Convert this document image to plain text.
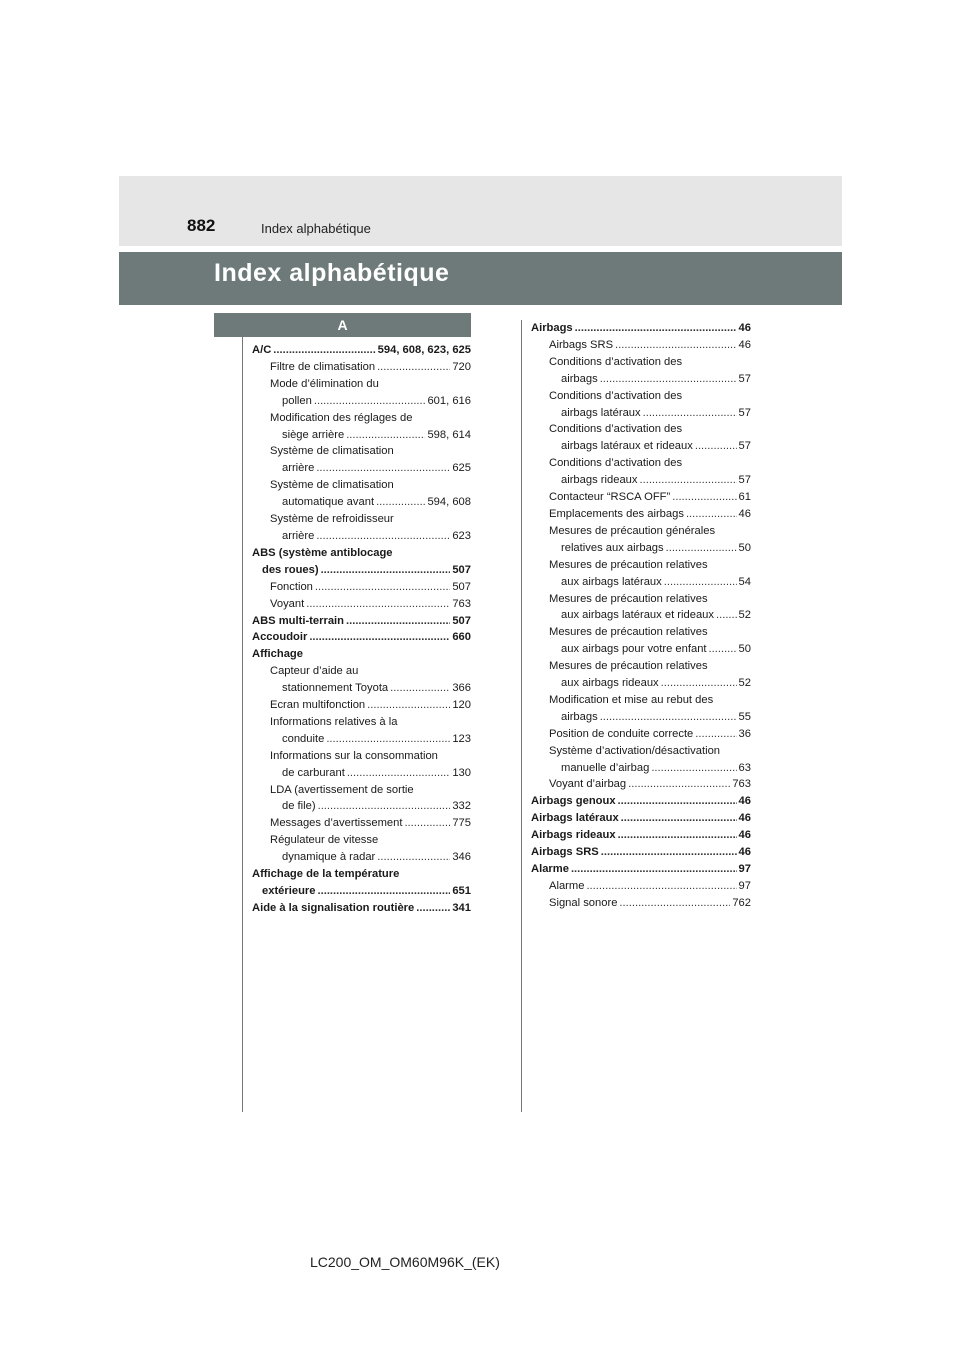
882	Index alphabétique
Index alphabétique
A
A/C .....	594, 608, 623, 625
Filtre de climatisation .....	720
Mode d’élimination du
pollen .....	601, 616
Modification des réglages de
siège arrière .....	598, 614
Système de climatisation
arrière .....	625
Système de climatisation
automatique avant .....	594, 608
Système de refroidisseur
arrière .....	623
ABS (système antiblocage
des roues) .....	507
Fonction .....	507
Voyant .....	763
ABS multi-terrain .....	507
Accoudoir .....	660
Affichage
Capteur d’aide au
stationnement Toyota .....	366
Ecran multifonction .....	120
Informations relatives à la
conduite .....	123
Informations sur la consommation
de carburant .....	130
LDA (avertissement de sortie
de file) .....	332
Messages d’avertissement .....	775
Régulateur de vitesse
dynamique à radar .....	346
Affichage de la température
extérieure .....	651
Aide à la signalisation routière .....	341
Airbags .....	46
Airbags SRS .....	46
Conditions d’activation des
airbags .....	57
Conditions d’activation des
airbags latéraux .....	57
Conditions d’activation des
airbags latéraux et rideaux .....	57
Conditions d’activation des
airbags rideaux .....	57
Contacteur “RSCA OFF” .....	61
Emplacements des airbags .....	46
Mesures de précaution générales
relatives aux airbags .....	50
Mesures de précaution relatives
aux airbags latéraux .....	54
Mesures de précaution relatives
aux airbags latéraux et rideaux ..... 52
Mesures de précaution relatives
aux airbags pour votre enfant .....	50
Mesures de précaution relatives
aux airbags rideaux .....	52
Modification et mise au rebut des
airbags .....	55
Position de conduite correcte .....	36
Système d’activation/désactivation
manuelle d’airbag .....	63
Voyant d’airbag .....	763
Airbags genoux .....	46
Airbags latéraux .....	46
Airbags rideaux .....	46
Airbags SRS .....	46
Alarme .....	97
Alarme .....	97
Signal sonore .....	762
LC200_OM_OM60M96K_(EK)
